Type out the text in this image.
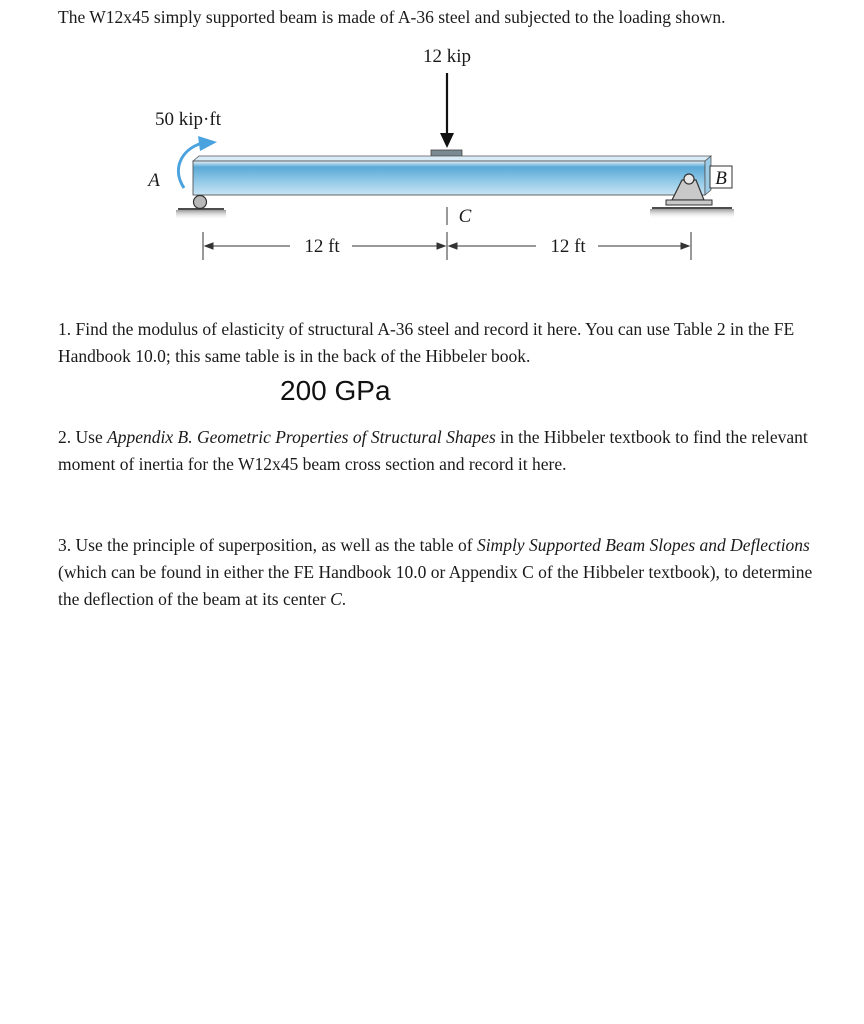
The W12x45 simply supported beam is made of A-36 steel and subjected to the loading shown.
12 kip
50 kip·ft
A	B
C
12 ft	12 ft
1. Find the modulus of elasticity of structural A-36 steel and record it here. You can use Table 2 in the FE Handbook 10.0; this same table is in the back of the Hibbeler book.
200 GPa
2. Use Appendix B. Geometric Properties of Structural Shapes in the Hibbeler textbook to find the relevant moment of inertia for the W12x45 beam cross section and record it here.
3. Use the principle of superposition, as well as the table of Simply Supported Beam Slopes and Deflections (which can be found in either the FE Handbook 10.0 or Appendix C of the Hibbeler textbook), to determine the deflection of the beam at its center C.
